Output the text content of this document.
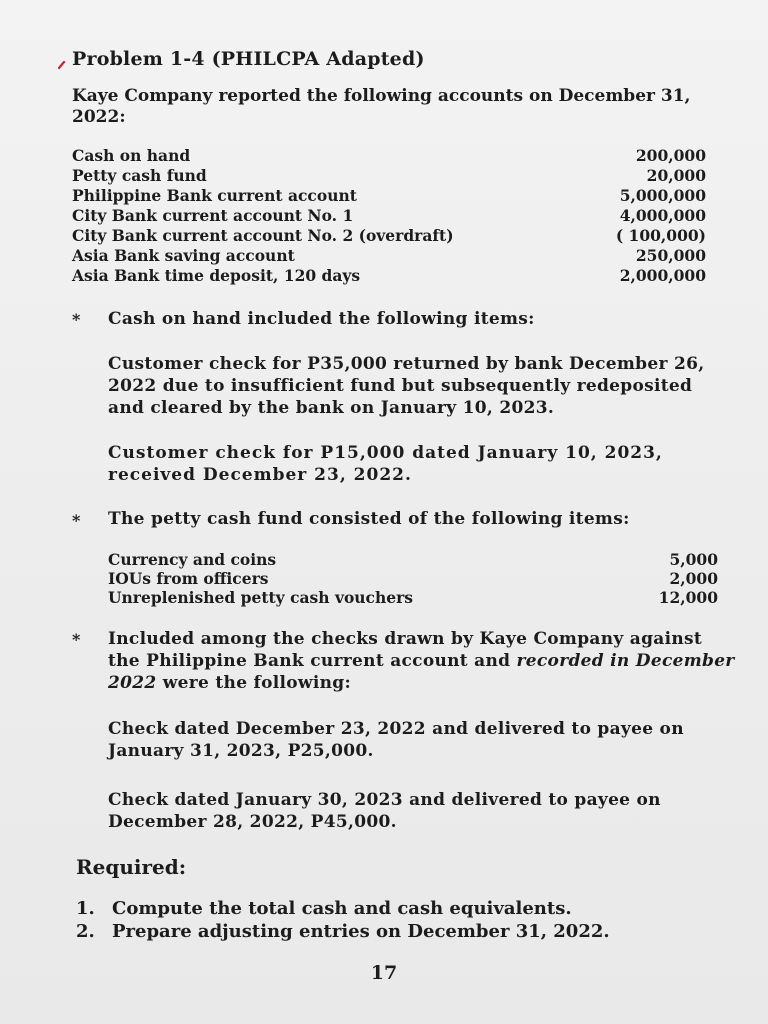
Problem 1-4 (PHILCPA Adapted)
Kaye Company reported the following accounts on December 31, 2022:
Cash on hand	200,000
Petty cash fund	20,000
Philippine Bank current account	5,000,000
City Bank current account No. 1	4,000,000
City Bank current account No. 2 (overdraft)	( 100,000)
Asia Bank saving account	250,000
Asia Bank time deposit, 120 days	2,000,000
* Cash on hand included the following items:
Customer check for P35,000 returned by bank December 26, 2022 due to insufficient fund but subsequently redeposited and cleared by the bank on January 10, 2023.
Customer check for P15,000 dated January 10, 2023, received December 23, 2022.
* The petty cash fund consisted of the following items:
Currency and coins	5,000
IOUs from officers	2,000
Unreplenished petty cash vouchers	12,000
* Included among the checks drawn by Kaye Company against the Philippine Bank current account and recorded in December 2022 were the following:
Check dated December 23, 2022 and delivered to payee on January 31, 2023, P25,000.
Check dated January 30, 2023 and delivered to payee on December 28, 2022, P45,000.
Required:
1. Compute the total cash and cash equivalents.
2. Prepare adjusting entries on December 31, 2022.
17
